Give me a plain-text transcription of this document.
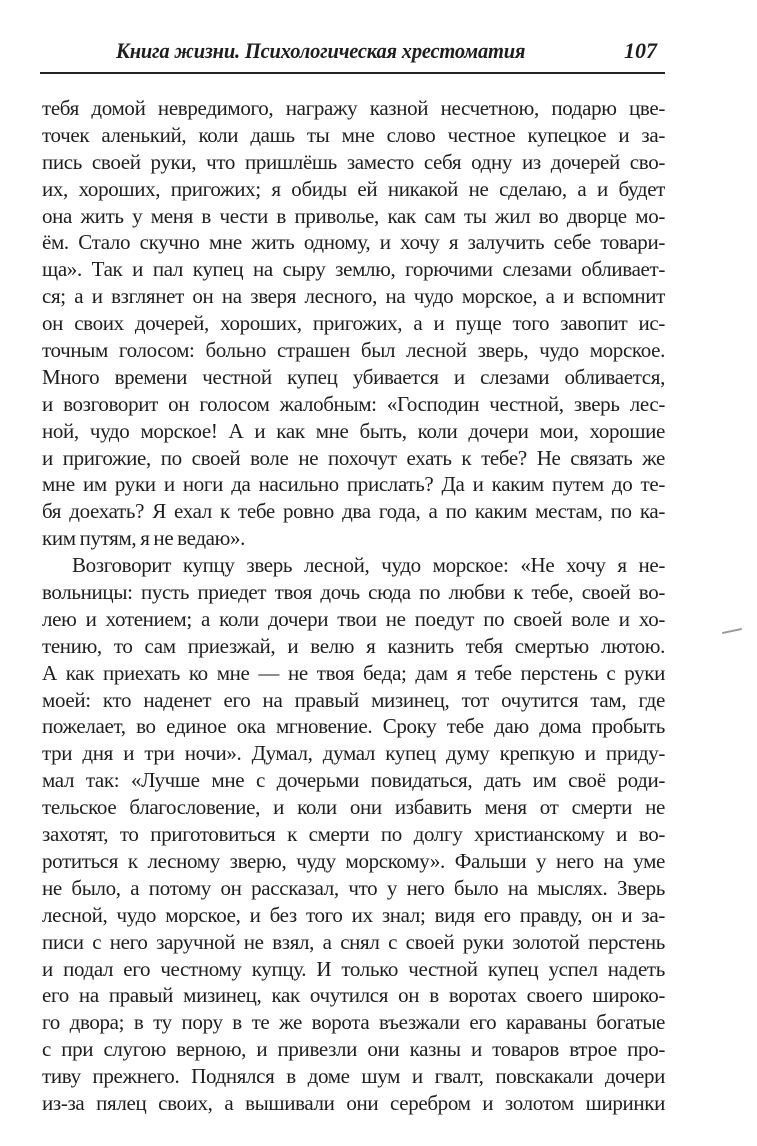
Книга жизни. Психологическая хрестоматия	107
тебя домой невредимого, награжу казной несчетною, подарю цве-
точек аленький, коли дашь ты мне слово честное купецкое и за-
пись своей руки, что пришлёшь заместо себя одну из дочерей сво-
их, хороших, пригожих; я обиды ей никакой не сделаю, а и будет
она жить у меня в чести в приволье, как сам ты жил во дворце мо-
ём. Стало скучно мне жить одному, и хочу я залучить себе товари-
ща». Так и пал купец на сыру землю, горючими слезами обливает-
ся; а и взглянет он на зверя лесного, на чудо морское, а и вспомнит
он своих дочерей, хороших, пригожих, а и пуще того завопит ис-
точным голосом: больно страшен был лесной зверь, чудо морское.
Много времени честной купец убивается и слезами обливается,
и возговорит он голосом жалобным: «Господин честной, зверь лес-
ной, чудо морское! А и как мне быть, коли дочери мои, хорошие
и пригожие, по своей воле не похочут ехать к тебе? Не связать же
мне им руки и ноги да насильно прислать? Да и каким путем до те-
бя доехать? Я ехал к тебе ровно два года, а по каким местам, по ка-
ким путям, я не ведаю».
Возговорит купцу зверь лесной, чудо морское: «Не хочу я не-
вольницы: пусть приедет твоя дочь сюда по любви к тебе, своей во-
лею и хотением; а коли дочери твои не поедут по своей воле и хо-
тению, то сам приезжай, и велю я казнить тебя смертью лютою.
А как приехать ко мне — не твоя беда; дам я тебе перстень с руки
моей: кто наденет его на правый мизинец, тот очутится там, где
пожелает, во единое ока мгновение. Сроку тебе даю дома пробыть
три дня и три ночи». Думал, думал купец думу крепкую и приду-
мал так: «Лучше мне с дочерьми повидаться, дать им своё роди-
тельское благословение, и коли они избавить меня от смерти не
захотят, то приготовиться к смерти по долгу христианскому и во-
ротиться к лесному зверю, чуду морскому». Фальши у него на уме
не было, а потому он рассказал, что у него было на мыслях. Зверь
лесной, чудо морское, и без того их знал; видя его правду, он и за-
писи с него заручной не взял, а снял с своей руки золотой перстень
и подал его честному купцу. И только честной купец успел надеть
его на правый мизинец, как очутился он в воротах своего широко-
го двора; в ту пору в те же ворота въезжали его караваны богатые
с при слугою верною, и привезли они казны и товаров втрое про-
тиву прежнего. Поднялся в доме шум и гвалт, повскакали дочери
из-за пялец своих, а вышивали они серебром и золотом ширинки
